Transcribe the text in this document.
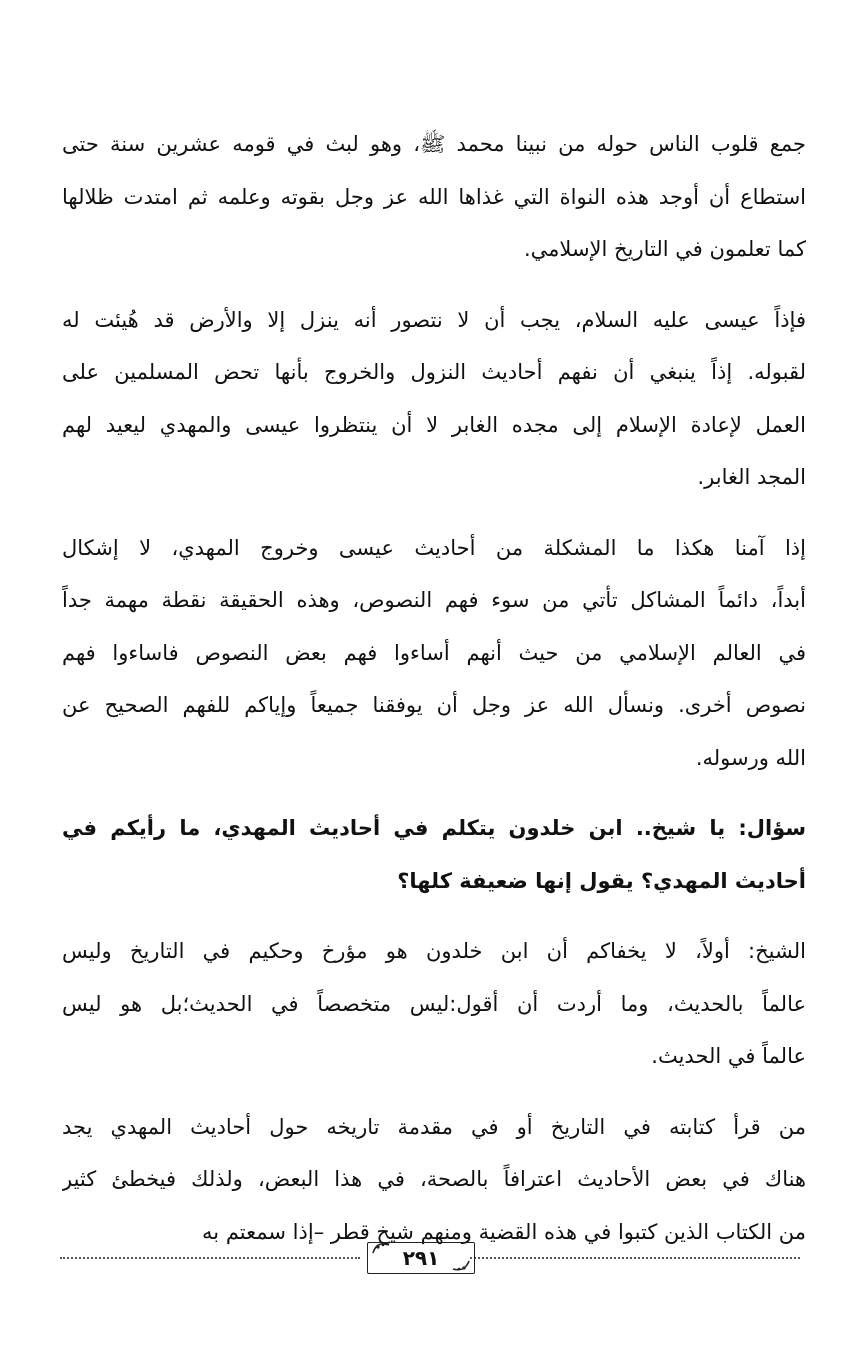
جمع قلوب الناس حوله من نبينا محمد ﷺ، وهو لبث في قومه عشرين سنة حتى
استطاع أن أوجد هذه النواة التي غذاها الله عز وجل بقوته وعلمه ثم امتدت ظلالها
كما تعلمون في التاريخ الإسلامي.
فإذاً عيسى عليه السلام، يجب أن لا نتصور أنه ينزل إلا والأرض قد هُيئت له
لقبوله. إذاً ينبغي أن نفهم أحاديث النزول والخروج بأنها تحض المسلمين على
العمل لإعادة الإسلام إلى مجده الغابر لا أن ينتظروا عيسى والمهدي ليعيد لهم
المجد الغابر.
إذا آمنا هكذا ما المشكلة من أحاديث عيسى وخروج المهدي، لا إشكال
أبداً، دائماً المشاكل تأتي من سوء فهم النصوص، وهذه الحقيقة نقطة مهمة جداً
في العالم الإسلامي من حيث أنهم أساءوا فهم بعض النصوص فاساءوا فهم
نصوص أخرى. ونسأل الله عز وجل أن يوفقنا جميعاً وإياكم للفهم الصحيح عن
الله ورسوله.
سؤال: يا شيخ.. ابن خلدون يتكلم في أحاديث المهدي، ما رأيكم في
أحاديث المهدي؟ يقول إنها ضعيفة كلها؟
الشيخ: أولاً، لا يخفاكم أن ابن خلدون هو مؤرخ وحكيم في التاريخ وليس
عالماً بالحديث، وما أردت أن أقول:ليس متخصصاً في الحديث؛بل هو ليس
عالماً في الحديث.
من قرأ كتابته في التاريخ أو في مقدمة تاريخه حول أحاديث المهدي يجد
هناك في بعض الأحاديث اعترافاً بالصحة، في هذا البعض، ولذلك فيخطئ كثير
من الكتاب الذين كتبوا في هذه القضية ومنهم شيخ قطر –إذا سمعتم به
٢٩١
